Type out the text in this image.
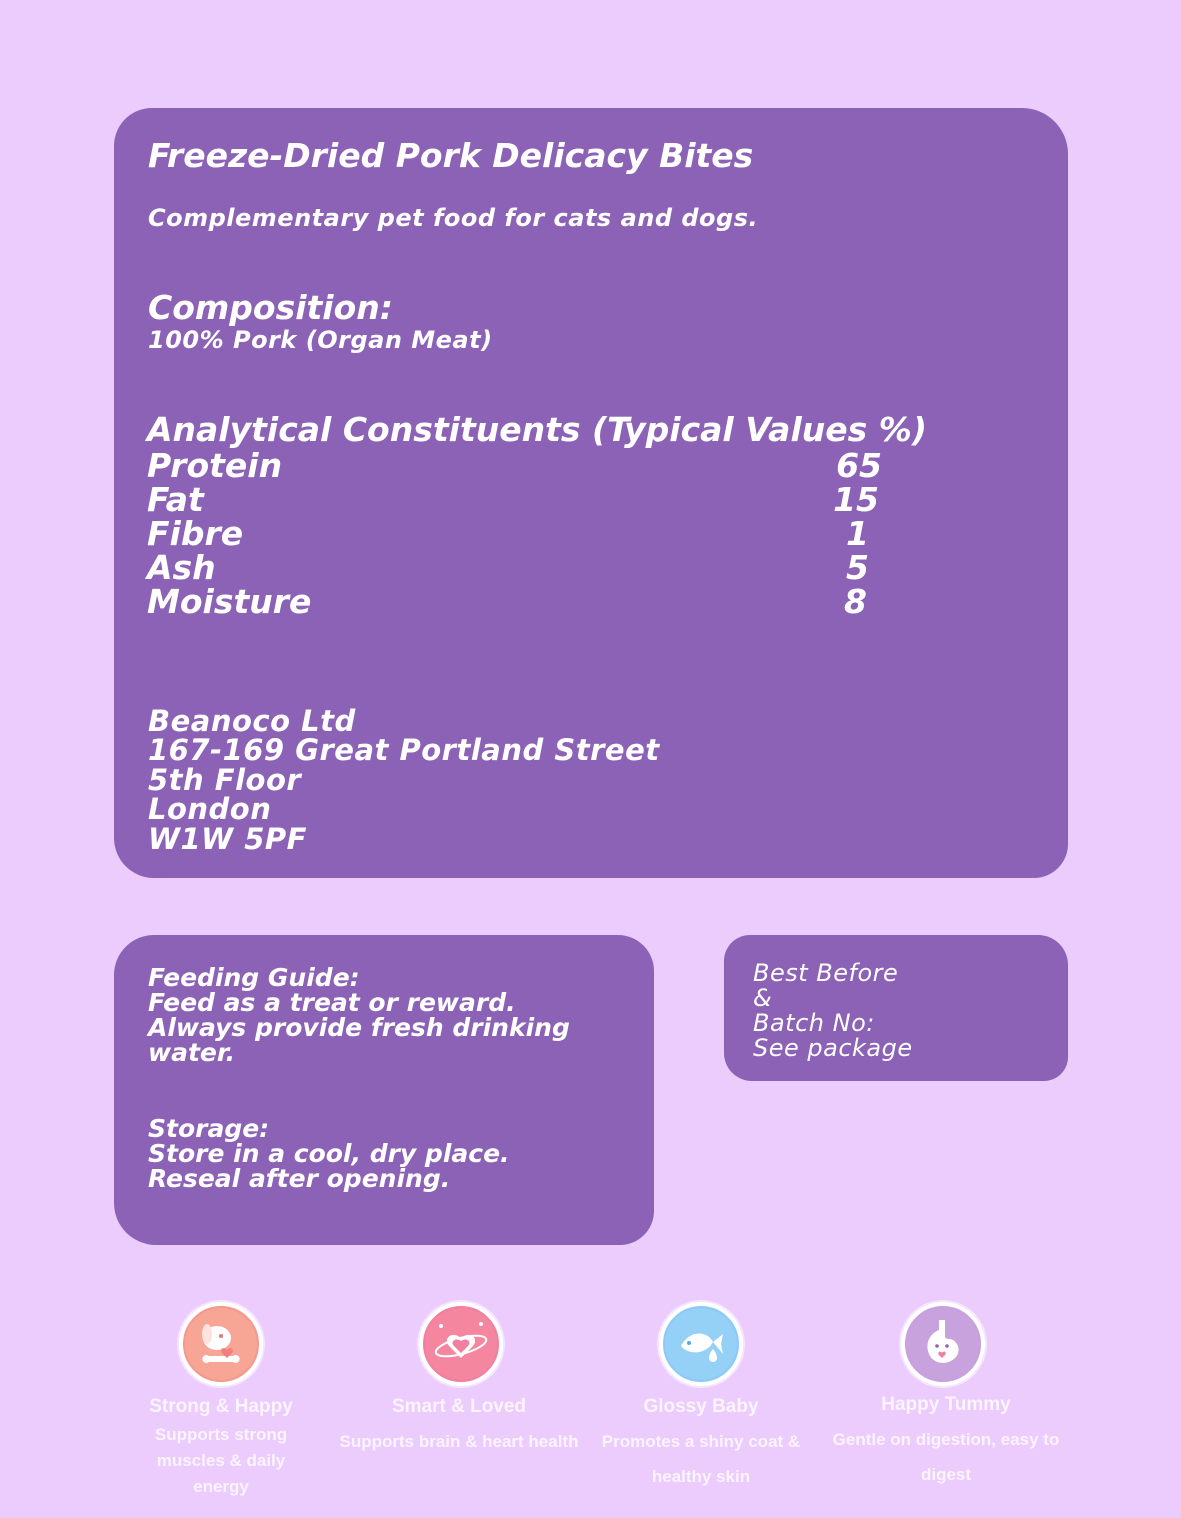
Freeze-Dried Pork Delicacy Bites

Complementary pet food for cats and dogs.

Composition:

100% Pork (Organ Meat)

Analytical Constituents (Typical Values %)

Protein	65
Fat	15
Fibre	1
Ash	5
Moisture	8

Beanoco Ltd

167-169 Great Portland Street

5th Floor

London

W1W 5PF

Feeding Guide:

Feed as a treat or reward.

Always provide fresh drinking

water.

Storage:

Store in a cool, dry place.

Reseal after opening.

Best Before

&

Batch No:

See package

Strong & Happy
Supports strong muscles & daily energy
Smart & Loved
Supports brain & heart health
Glossy Baby
Promotes a shiny coat & healthy skin
Happy Tummy
Gentle on digestion, easy to digest
